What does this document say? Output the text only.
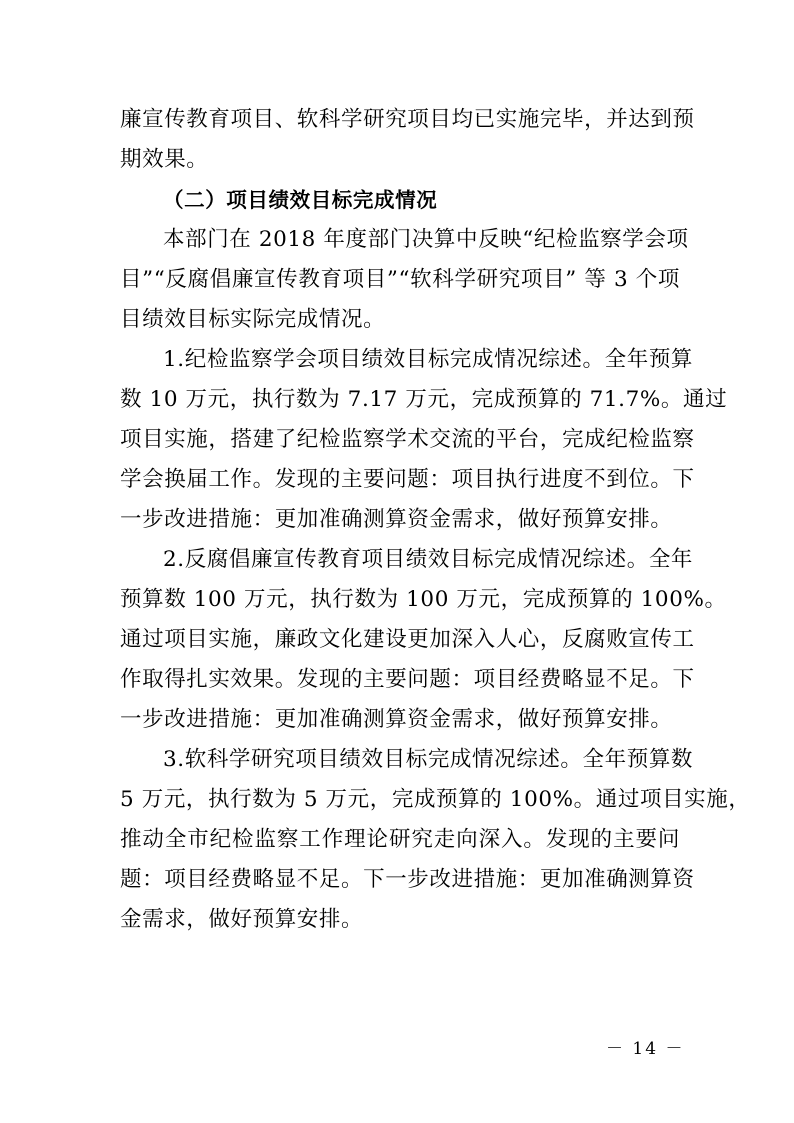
廉宣传教育项目、软科学研究项目均已实施完毕，并达到预
期效果。
（二）项目绩效目标完成情况
本部门在 2018 年度部门决算中反映“纪检监察学会项
目”“反腐倡廉宣传教育项目”“软科学研究项目” 等 3 个项
目绩效目标实际完成情况。
1.纪检监察学会项目绩效目标完成情况综述。全年预算
数 10 万元，执行数为 7.17 万元，完成预算的 71.7%。通过
项目实施，搭建了纪检监察学术交流的平台，完成纪检监察
学会换届工作。发现的主要问题：项目执行进度不到位。下
一步改进措施：更加准确测算资金需求，做好预算安排。
2.反腐倡廉宣传教育项目绩效目标完成情况综述。全年
预算数 100 万元，执行数为 100 万元，完成预算的 100%。
通过项目实施，廉政文化建设更加深入人心，反腐败宣传工
作取得扎实效果。发现的主要问题：项目经费略显不足。下
一步改进措施：更加准确测算资金需求，做好预算安排。
3.软科学研究项目绩效目标完成情况综述。全年预算数
5 万元，执行数为 5 万元，完成预算的 100%。通过项目实施，
推动全市纪检监察工作理论研究走向深入。发现的主要问
题：项目经费略显不足。下一步改进措施：更加准确测算资
金需求，做好预算安排。
－ 14 －
